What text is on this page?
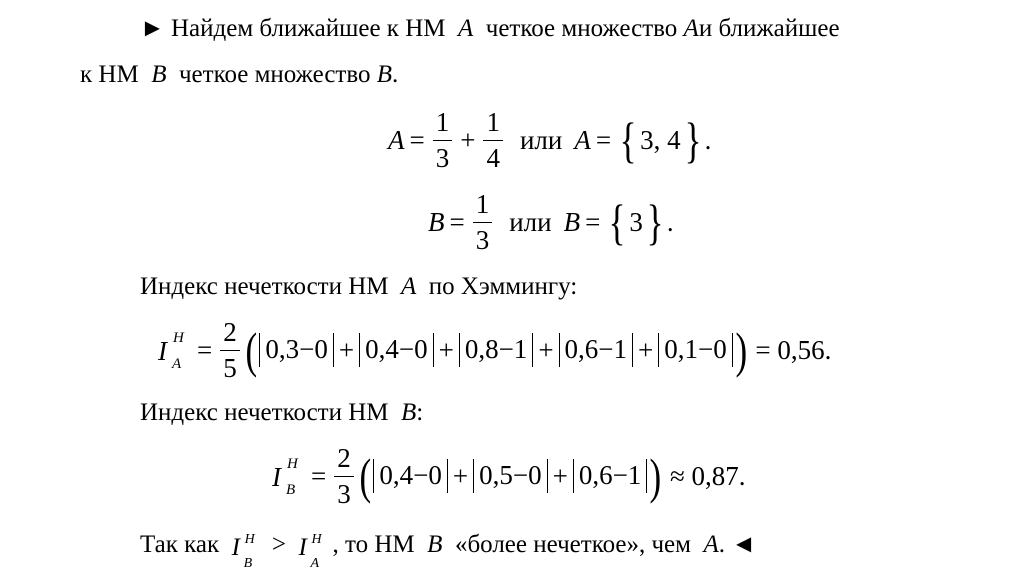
► Найдем ближайшее к НМ A четкое множество Aи ближайшее
к НМ B четкое множество B.
$A = \frac{1}{3} + \frac{1}{4}$ или A = { 3, 4 } .
$B = \frac{1}{3}$ или B = { 3 } .
Индекс нечеткости НМ A по Хэммингу:
I H
$A = \frac{2}{5}$ ( 0,3−0 + 0,4−0 + 0,8−1 + 0,6−1 + 0,1−0 ) = 0,56.
Индекс нечеткости НМ B:
I H
$B = \frac{2}{3}$ ( 0,4−0 + 0,5−0 + 0,6−1 ) ≈ 0,87.
Так как I H
B
> I H
A
, то НМ B «более нечеткое», чем A. ◄
